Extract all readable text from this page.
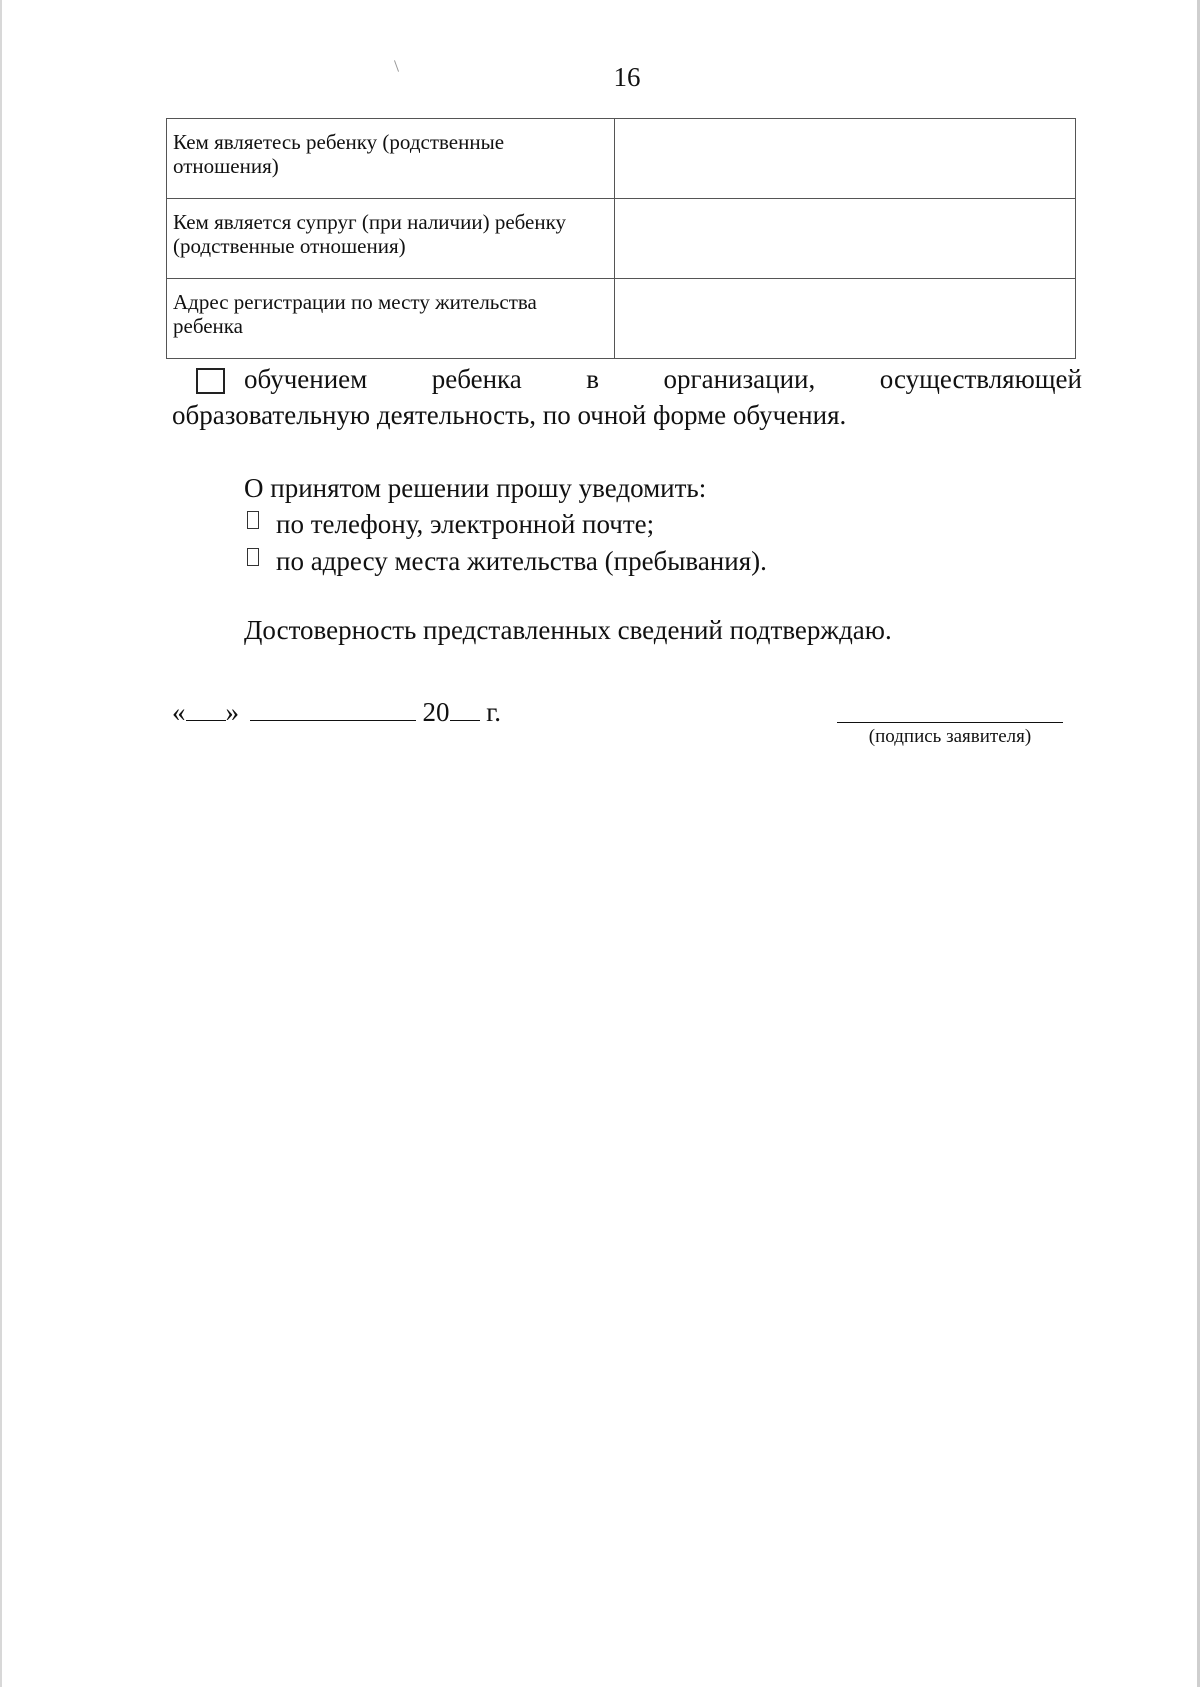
16
Кем являетесь ребенку (родственные отношения)	
Кем является супруг (при наличии) ребенку (родственные отношения)	
Адрес регистрации по месту жительства ребенка	
обучением ребенка в организации, осуществляющей
образовательную деятельность, по очной форме обучения.
О принятом решении прошу уведомить:
по телефону, электронной почте;
по адресу места жительства (пребывания).
Достоверность представленных сведений подтверждаю.
« »	20 г.
(подпись заявителя)
